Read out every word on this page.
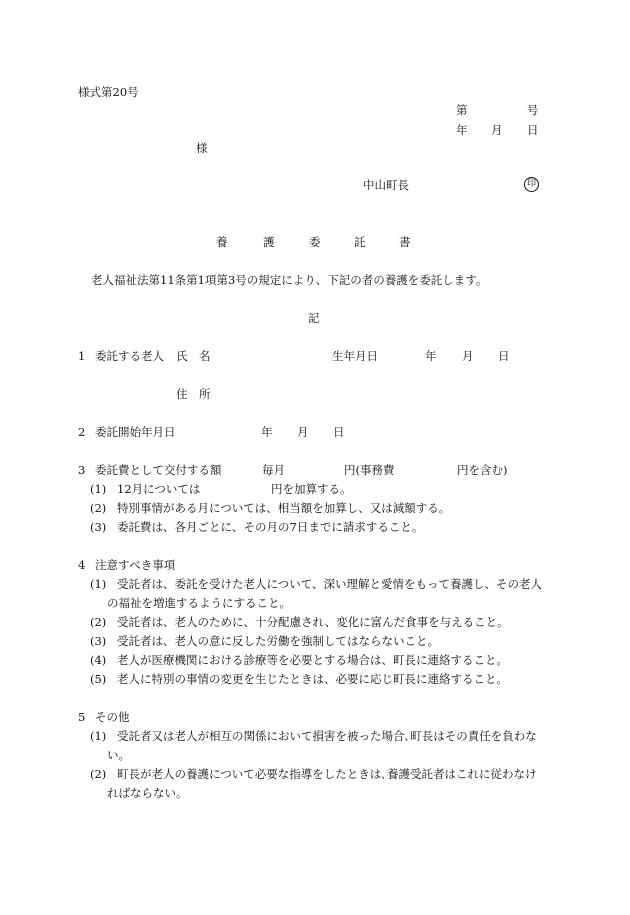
様式第20号
第	号
年 月 日
様
中山町長	印
養	護	委	託	書
老人福祉法第11条第1項第3号の規定により、下記の者の養護を委託します。
記
1 委託する老人 氏　名	生年月日	年 月 日
住　所
2 委託開始年月日	年 月 日
3 委託費として交付する額	毎月	円(事務費	円を含む)
(1) 12月については	円を加算する。
(2) 特別事情がある月については、相当額を加算し、又は減額する。
(3) 委託費は、各月ごとに、その月の7日までに請求すること。
4 注意すべき事項
(1) 受託者は、委託を受けた老人について、深い理解と愛情をもって養護し、その老人
の福祉を増進するようにすること。
(2) 受託者は、老人のために、十分配慮され、変化に富んだ食事を与えること。
(3) 受託者は、老人の意に反した労働を強制してはならないこと。
(4) 老人が医療機関における診療等を必要とする場合は、町長に連絡すること。
(5) 老人に特別の事情の変更を生じたときは、必要に応じ町長に連絡すること。
5 その他
(1) 受託者又は老人が相互の関係において損害を被った場合､町長はその責任を負わな
い。
(2) 町長が老人の養護について必要な指導をしたときは､養護受託者はこれに従わなけ
ればならない。
